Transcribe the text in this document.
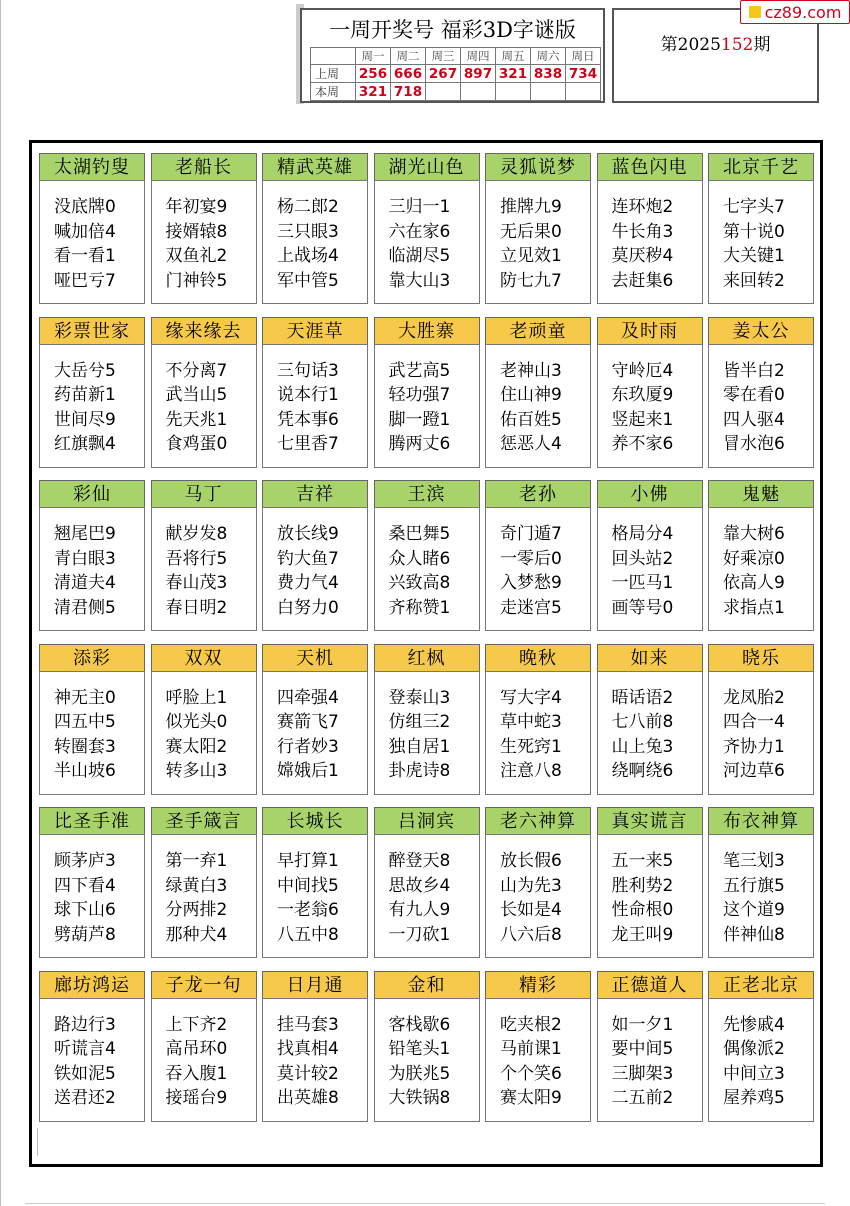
一周开奖号 福彩3D字谜版
	周一	周二	周三	周四	周五	周六	周日
上周	256	666	267	897	321	838	734
本周	321	718					
第2025152期
cz89.com
太湖钓叟
没底牌0
喊加倍4
看一看1
哑巴亏7
老船长
年初宴9
接婿辕8
双鱼礼2
门神铃5
精武英雄
杨二郎2
三只眼3
上战场4
军中管5
湖光山色
三归一1
六在家6
临湖尽5
靠大山3
灵狐说梦
推牌九9
无后果0
立见效1
防七九7
蓝色闪电
连环炮2
牛长角3
莫厌秽4
去赶集6
北京千艺
七字头7
第十说0
大关键1
来回转2
彩票世家
大岳兮5
药苗新1
世间尽9
红旗飘4
缘来缘去
不分离7
武当山5
先天兆1
食鸡蛋0
天涯草
三句话3
说本行1
凭本事6
七里香7
大胜寨
武艺高5
轻功强7
脚一蹬1
腾两丈6
老顽童
老神山3
住山神9
佑百姓5
惩恶人4
及时雨
守岭厄4
东玖厦9
竖起来1
养不家6
姜太公
皆半白2
零在看0
四人驱4
冒水泡6
彩仙
翘尾巴9
青白眼3
清道夫4
清君侧5
马丁
献岁发8
吾将行5
春山茂3
春日明2
吉祥
放长线9
钓大鱼7
费力气4
白努力0
王滨
桑巴舞5
众人睹6
兴致高8
齐称赞1
老孙
奇门遁7
一零后0
入梦愁9
走迷宫5
小佛
格局分4
回头站2
一匹马1
画等号0
鬼魅
靠大树6
好乘凉0
依高人9
求指点1
添彩
神无主0
四五中5
转圈套3
半山坡6
双双
呼脸上1
似光头0
赛太阳2
转多山3
天机
四牵强4
赛箭飞7
行者妙3
嫦娥后1
红枫
登泰山3
仿组三2
独自居1
卦虎诗8
晚秋
写大字4
草中蛇3
生死窍1
注意八8
如来
晤话语2
七八前8
山上兔3
绕啊绕6
晓乐
龙凤胎2
四合一4
齐协力1
河边草6
比圣手准
顾茅庐3
四下看4
球下山6
劈葫芦8
圣手箴言
第一弃1
绿黄白3
分两排2
那种犬4
长城长
早打算1
中间找5
一老翁6
八五中8
吕洞宾
醉登天8
思故乡4
有九人9
一刀砍1
老六神算
放长假6
山为先3
长如是4
八六后8
真实谎言
五一来5
胜利势2
性命根0
龙王叫9
布衣神算
笔三划3
五行旗5
这个道9
伴神仙8
廊坊鸿运
路边行3
听谎言4
铁如泥5
送君还2
子龙一句
上下齐2
高吊环0
吞入腹1
接瑶台9
日月通
挂马套3
找真相4
莫计较2
出英雄8
金和
客栈歇6
铅笔头1
为朕兆5
大铁锅8
精彩
吃夹根2
马前课1
个个笑6
赛太阳9
正德道人
如一夕1
要中间5
三脚架3
二五前2
正老北京
先惨戚4
偶像派2
中间立3
屋养鸡5
